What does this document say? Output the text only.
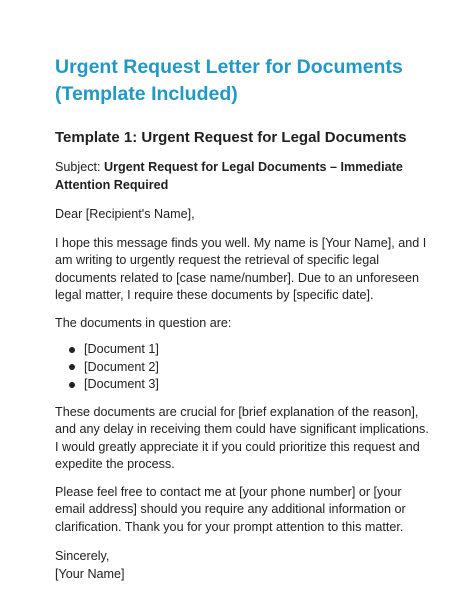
Urgent Request Letter for Documents (Template Included)
Template 1: Urgent Request for Legal Documents

Subject: Urgent Request for Legal Documents – Immediate Attention Required

Dear [Recipient's Name],

I hope this message finds you well. My name is [Your Name], and I am writing to urgently request the retrieval of specific legal documents related to [case name/number]. Due to an unforeseen legal matter, I require these documents by [specific date].

The documents in question are:

[Document 1]
[Document 2]
[Document 3]

These documents are crucial for [brief explanation of the reason], and any delay in receiving them could have significant implications. I would greatly appreciate it if you could prioritize this request and expedite the process.

Please feel free to contact me at [your phone number] or [your email address] should you require any additional information or clarification. Thank you for your prompt attention to this matter.

Sincerely,
[Your Name]
